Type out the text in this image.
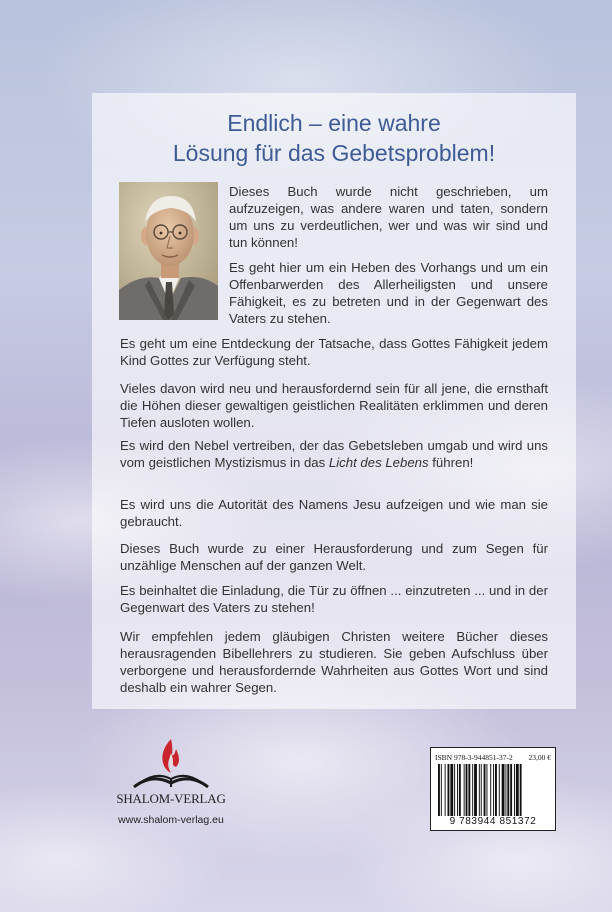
Endlich – eine wahre
Lösung für das Gebetsproblem!

Dieses Buch wurde nicht geschrieben, um aufzuzeigen, was andere waren und taten, sondern um uns zu verdeutlichen, wer und was wir sind und tun können!

Es geht hier um ein Heben des Vorhangs und um ein Offenbarwerden des Allerheiligsten und unsere Fähigkeit, es zu betreten und in der Gegenwart des Vaters zu stehen.

Es geht um eine Entdeckung der Tatsache, dass Gottes Fähigkeit jedem Kind Gottes zur Verfügung steht.

Vieles davon wird neu und herausfordernd sein für all jene, die ernsthaft die Höhen dieser gewaltigen geistlichen Realitäten erklimmen und deren Tiefen ausloten wollen.

Es wird den Nebel vertreiben, der das Gebetsleben umgab und wird uns vom geistlichen Mystizismus in das Licht des Lebens führen!

Es wird uns die Autorität des Namens Jesu aufzeigen und wie man sie gebraucht.

Dieses Buch wurde zu einer Herausforderung und zum Segen für unzählige Menschen auf der ganzen Welt.

Es beinhaltet die Einladung, die Tür zu öffnen ... einzutreten ... und in der Gegenwart des Vaters zu stehen!

Wir empfehlen jedem gläubigen Christen weitere Bücher dieses herausragenden Bibellehrers zu studieren. Sie geben Aufschluss über verborgene und herausfordernde Wahrheiten aus Gottes Wort und sind deshalb ein wahrer Segen.

SHALOM-VERLAG
www.shalom-verlag.eu
ISBN 978-3-944851-37-2 23,00 €
9 783944 851372
